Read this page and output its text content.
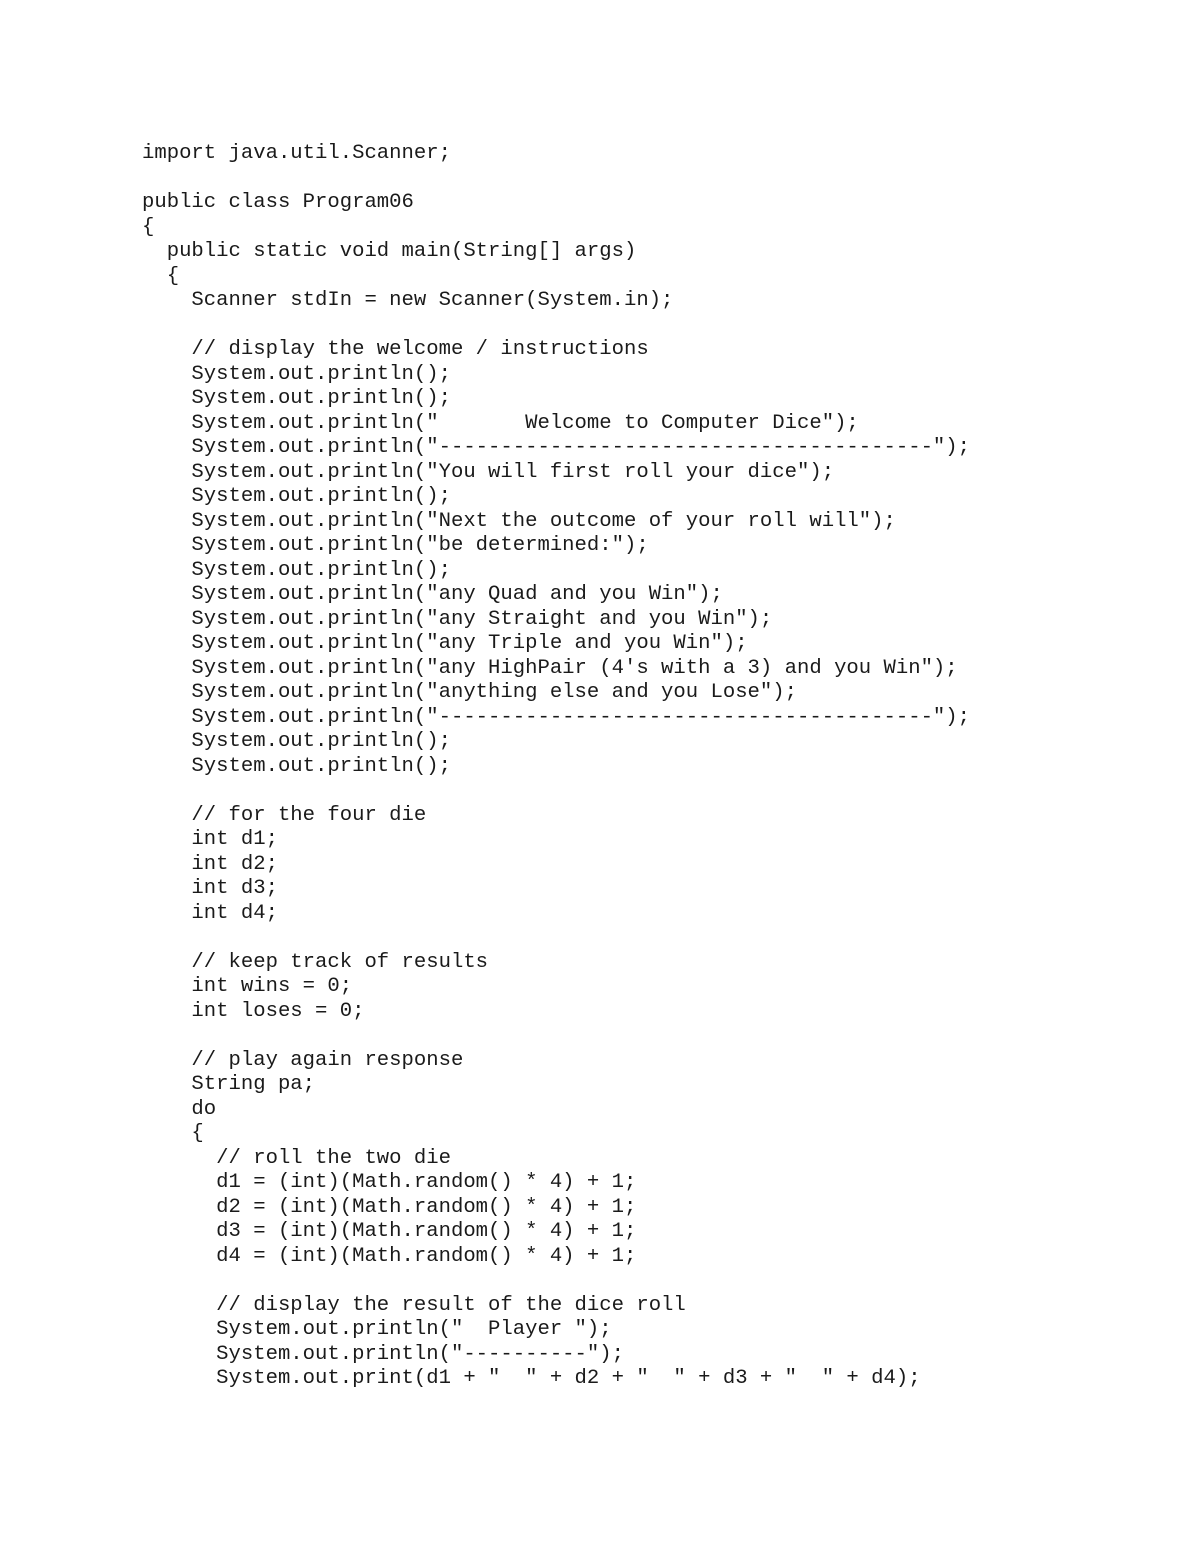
import java.util.Scanner;
public class Program06
{
public static void main(String[] args)
{
Scanner stdIn = new Scanner(System.in);
// display the welcome / instructions
System.out.println();
System.out.println();
System.out.println("       Welcome to Computer Dice");
System.out.println("----------------------------------------");
System.out.println("You will first roll your dice");
System.out.println();
System.out.println("Next the outcome of your roll will");
System.out.println("be determined:");
System.out.println();
System.out.println("any Quad and you Win");
System.out.println("any Straight and you Win");
System.out.println("any Triple and you Win");
System.out.println("any HighPair (4's with a 3) and you Win");
System.out.println("anything else and you Lose");
System.out.println("----------------------------------------");
System.out.println();
System.out.println();
// for the four die
int d1;
int d2;
int d3;
int d4;
// keep track of results
int wins = 0;
int loses = 0;
// play again response
String pa;
do
{
// roll the two die
d1 = (int)(Math.random() * 4) + 1;
d2 = (int)(Math.random() * 4) + 1;
d3 = (int)(Math.random() * 4) + 1;
d4 = (int)(Math.random() * 4) + 1;
// display the result of the dice roll
System.out.println("  Player ");
System.out.println("----------");
System.out.print(d1 + "  " + d2 + "  " + d3 + "  " + d4);
